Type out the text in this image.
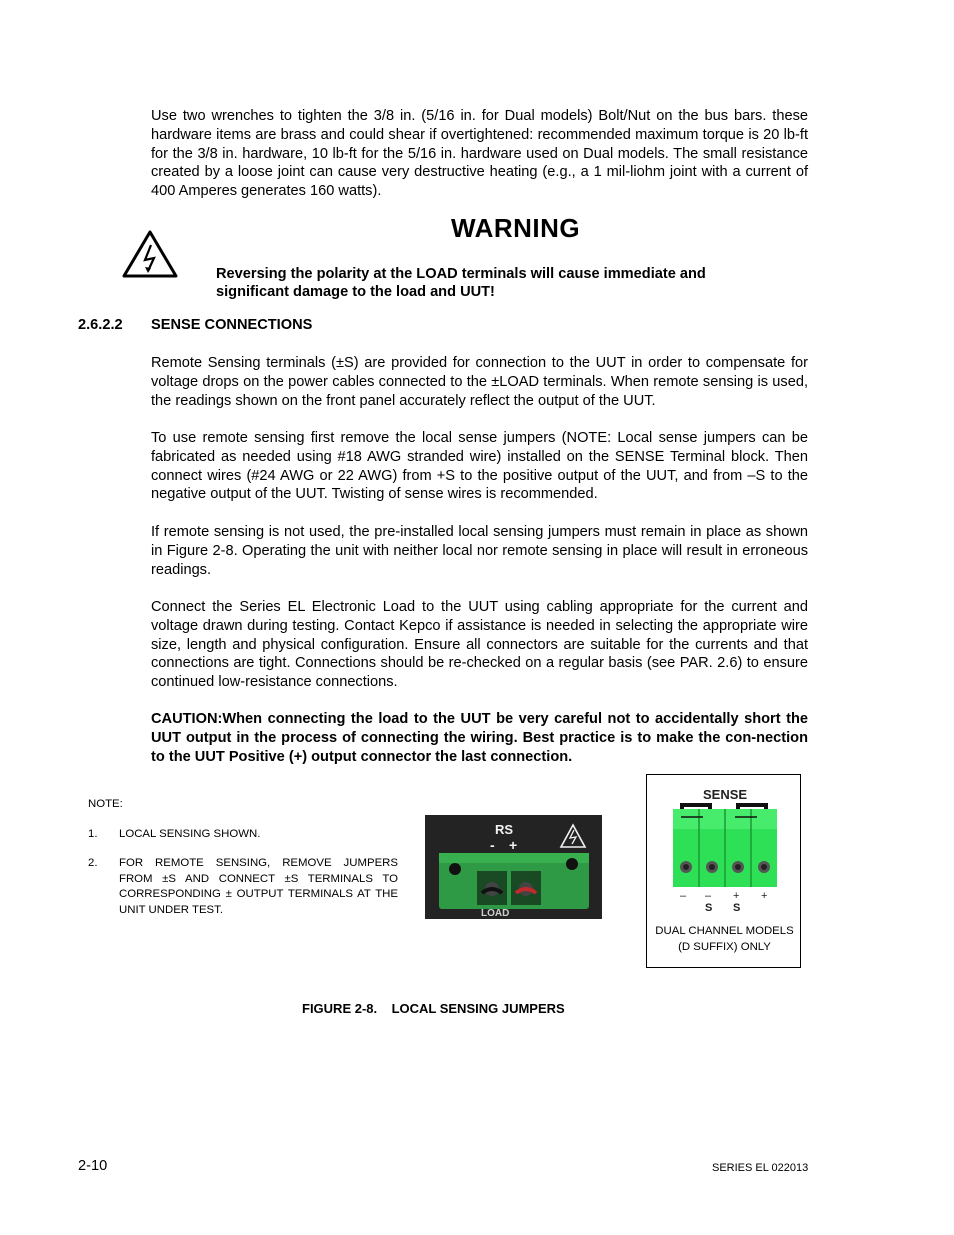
Use two wrenches to tighten the 3/8 in. (5/16 in. for Dual models) Bolt/Nut on the bus bars. these hardware items are brass and could shear if overtightened: recommended maximum torque is 20 lb-ft for the 3/8 in. hardware, 10 lb-ft for the 5/16 in. hardware used on Dual models. The small resistance created by a loose joint can cause very destructive heating (e.g., a 1 mil-liohm joint with a current of 400 Amperes generates 160 watts).

WARNING

Reversing the polarity at the LOAD terminals will cause immediate and significant damage to the load and UUT!

2.6.2.2 SENSE CONNECTIONS

Remote Sensing terminals (±S) are provided for connection to the UUT in order to compensate for voltage drops on the power cables connected to the ±LOAD terminals. When remote sensing is used, the readings shown on the front panel accurately reflect the output of the UUT.

To use remote sensing first remove the local sense jumpers (NOTE: Local sense jumpers can be fabricated as needed using #18 AWG stranded wire) installed on the SENSE Terminal block. Then connect wires (#24 AWG or 22 AWG) from +S to the positive output of the UUT, and from –S to the negative output of the UUT. Twisting of sense wires is recommended.

If remote sensing is not used, the pre-installed local sensing jumpers must remain in place as shown in Figure 2-8. Operating the unit with neither local nor remote sensing in place will result in erroneous readings.

Connect the Series EL Electronic Load to the UUT using cabling appropriate for the current and voltage drawn during testing. Contact Kepco if assistance is needed in selecting the appropriate wire size, length and physical configuration. Ensure all connectors are suitable for the currents and that connections are tight. Connections should be re-checked on a regular basis (see PAR. 2.6) to ensure continued low-resistance connections.

CAUTION:When connecting the load to the UUT be very careful not to accidentally short the UUT output in the process of connecting the wiring. Best practice is to make the con-nection to the UUT Positive (+) output connector the last connection.

NOTE:

1. LOCAL SENSING SHOWN.
2. FOR REMOTE SENSING, REMOVE JUMPERS FROM ±S AND CONNECT ±S TERMINALS TO CORRESPONDING ± OUTPUT TERMINALS AT THE UNIT UNDER TEST.
RS
- +
LOAD
SENSE
– – + +
S S
DUAL CHANNEL MODELS
(D SUFFIX) ONLY
FIGURE 2-8.    LOCAL SENSING JUMPERS
2-10	SERIES EL 022013
